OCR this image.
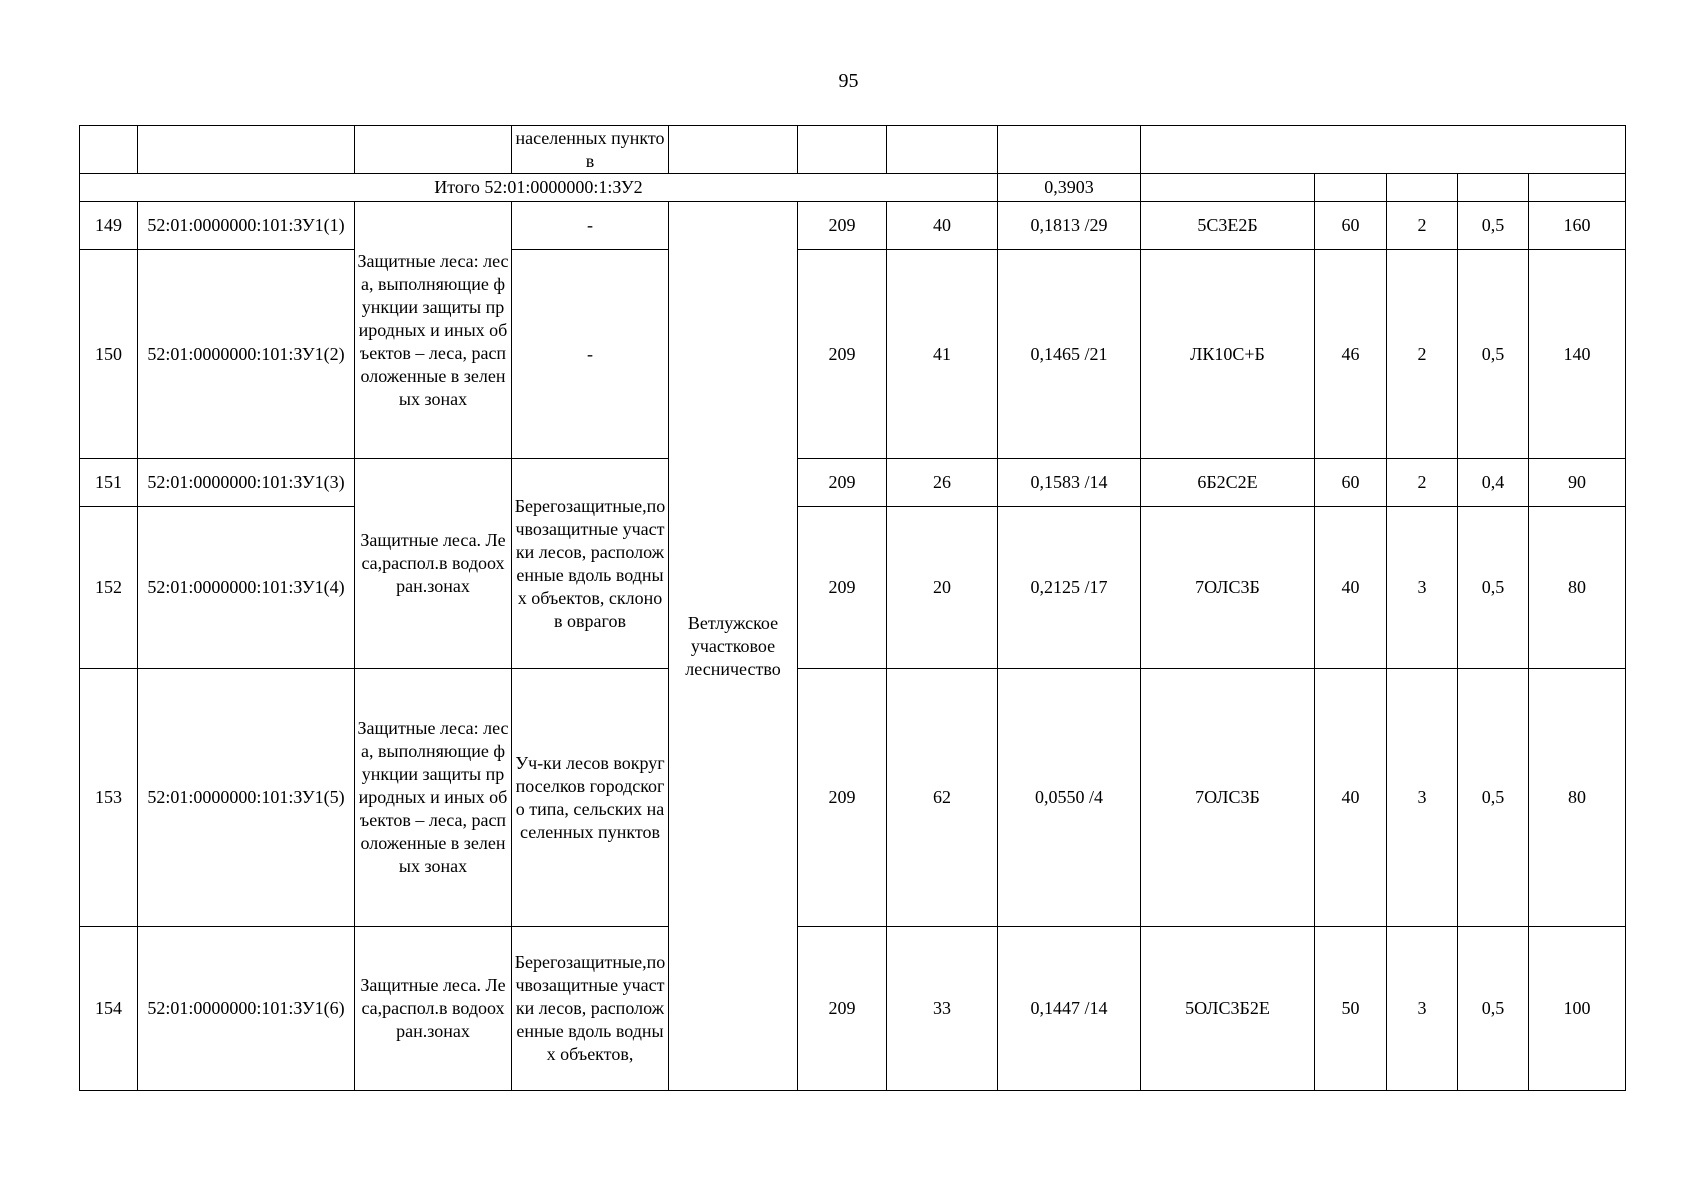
95
			населенных пунктов									
Итого 52:01:0000000:1:ЗУ2							0,3903					
149	52:01:0000000:101:ЗУ1(1)	Защитные леса: леса, выполняющие функции защиты природных и иных объектов – леса, расположенные в зеленых зонах	-	Ветлужское участковое лесничество	209	40	0,1813 /29	5С3Е2Б	60	2	0,5	160
150	52:01:0000000:101:ЗУ1(2)		-		209	41	0,1465 /21	ЛК10С+Б	46	2	0,5	140
151	52:01:0000000:101:ЗУ1(3)	Защитные леса. Леса,распол.в водоохран.зонах	Берегозащитные,почвозащитные участки лесов, расположенные вдоль водных объектов, склонов оврагов		209	26	0,1583 /14	6Б2С2Е	60	2	0,4	90
152	52:01:0000000:101:ЗУ1(4)				209	20	0,2125 /17	7ОЛС3Б	40	3	0,5	80
153	52:01:0000000:101:ЗУ1(5)	Защитные леса: леса, выполняющие функции защиты природных и иных объектов – леса, расположенные в зеленых зонах	Уч-ки лесов вокруг поселков городского типа, сельских населенных пунктов		209	62	0,0550 /4	7ОЛС3Б	40	3	0,5	80
154	52:01:0000000:101:ЗУ1(6)	Защитные леса. Леса,распол.в водоохран.зонах	Берегозащитные,почвозащитные участки лесов, расположенные вдоль водных объектов,		209	33	0,1447 /14	5ОЛС3Б2Е	50	3	0,5	100
